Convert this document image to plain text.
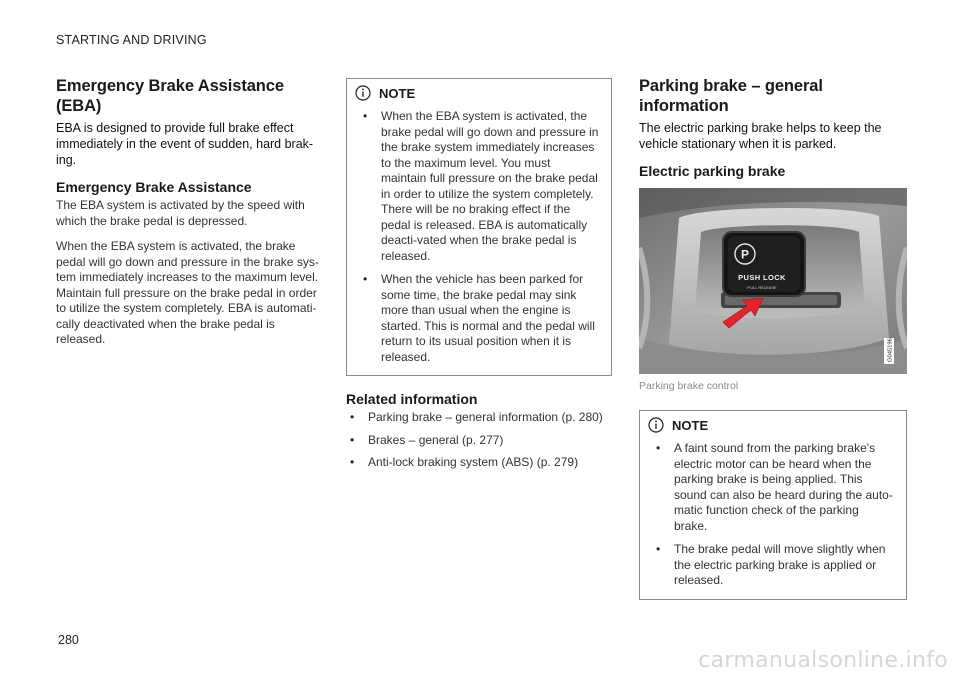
STARTING AND DRIVING
Emergency Brake Assistance (EBA)

EBA is designed to provide full brake effect immediately in the event of sudden, hard brak-ing.

Emergency Brake Assistance

The EBA system is activated by the speed with which the brake pedal is depressed.

When the EBA system is activated, the brake pedal will go down and pressure in the brake sys-tem immediately increases to the maximum level. Maintain full pressure on the brake pedal in order to utilize the system completely. EBA is automati-cally deactivated when the brake pedal is released.

NOTE
• When the EBA system is activated, the brake pedal will go down and pressure in the brake system immediately increases to the maximum level. You must maintain full pressure on the brake pedal in order to utilize the system completely. There will be no braking effect if the pedal is released. EBA is automatically deacti-vated when the brake pedal is released.
• When the vehicle has been parked for some time, the brake pedal may sink more than usual when the engine is started. This is normal and the pedal will return to its usual position when it is released.
Related information
• Parking brake – general information (p. 280)
• Brakes – general (p. 277)
• Anti-lock braking system (ABS) (p. 279)
Parking brake – general information

The electric parking brake helps to keep the vehicle stationary when it is parked.

Electric parking brake
P
PUSH LOCK
PULL RELEASE
G045196
Parking brake control
NOTE
• A faint sound from the parking brake's electric motor can be heard when the parking brake is being applied. This sound can also be heard during the auto-matic function check of the parking brake.
• The brake pedal will move slightly when the electric parking brake is applied or released.
280
carmanualsonline.info
